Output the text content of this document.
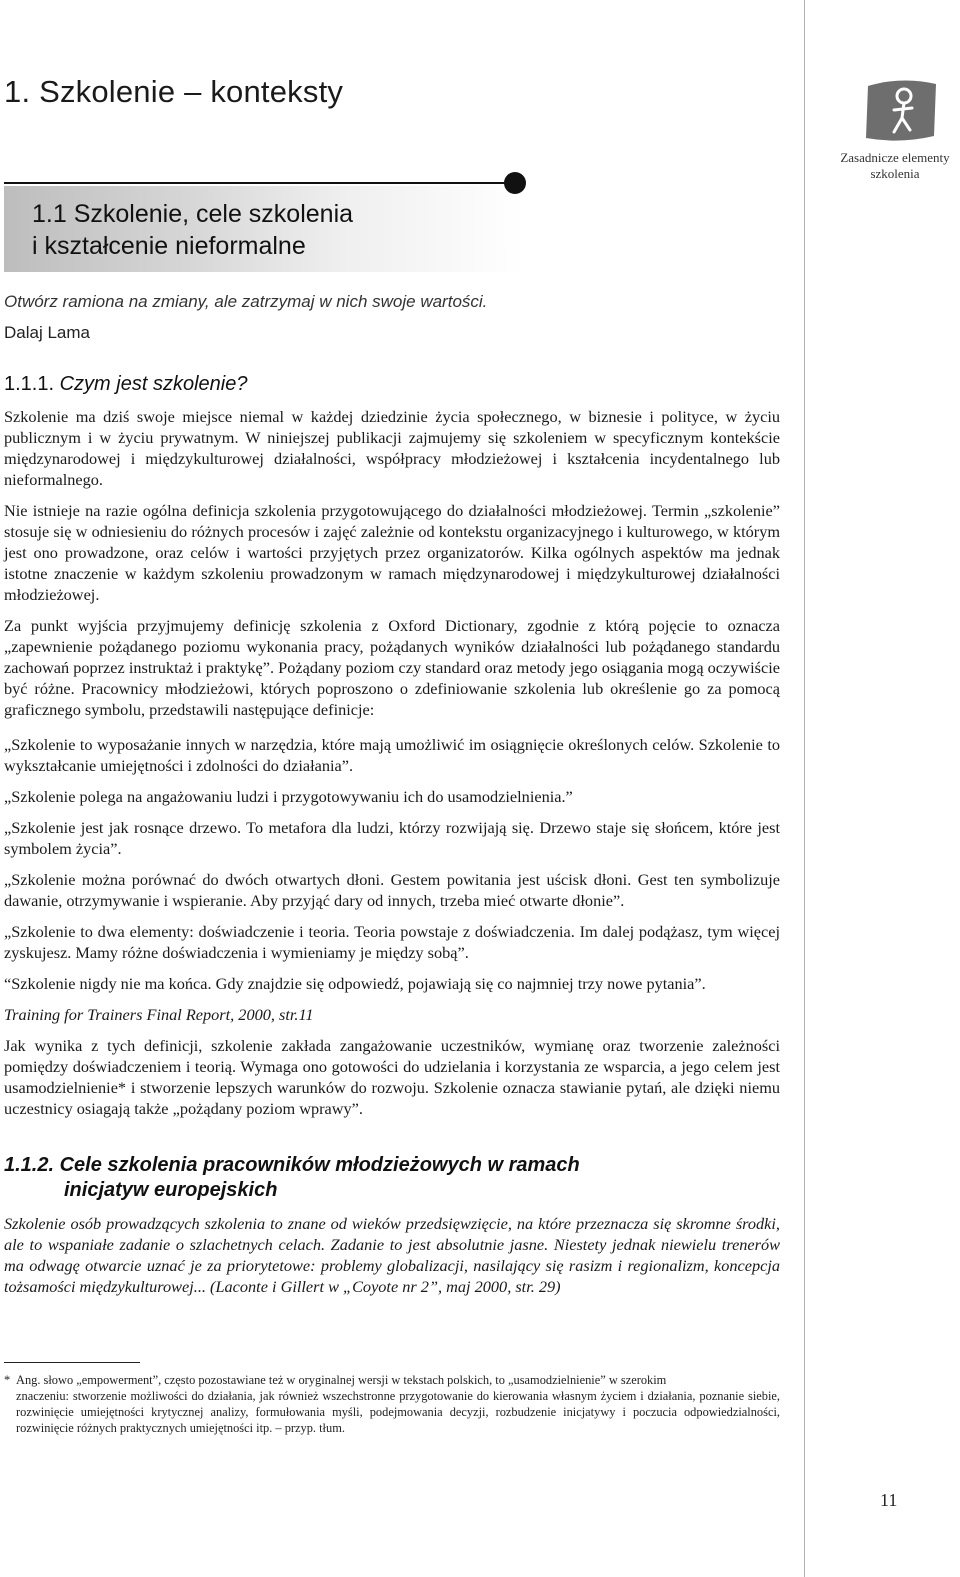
Zasadnicze elementy szkolenia
1. Szkolenie – konteksty
1.1 Szkolenie, cele szkolenia
i kształcenie nieformalne
Otwórz ramiona na zmiany, ale zatrzymaj w nich swoje wartości.
Dalaj Lama
1.1.1. Czym jest szkolenie?

Szkolenie ma dziś swoje miejsce niemal w każdej dziedzinie życia społecznego, w biznesie i polityce, w życiu publicznym i w życiu prywatnym. W niniejszej publikacji zajmujemy się szkoleniem w specyficznym kontekście międzynarodowej i międzykulturowej działalności, współpracy młodzieżowej i kształcenia incydentalnego lub nieformalnego.

Nie istnieje na razie ogólna definicja szkolenia przygotowującego do działalności młodzieżowej. Termin „szkolenie” stosuje się w odniesieniu do różnych procesów i zajęć zależnie od kontekstu organizacyjnego i kulturowego, w którym jest ono prowadzone, oraz celów i wartości przyjętych przez organizatorów. Kilka ogólnych aspektów ma jednak istotne znaczenie w każdym szkoleniu prowadzonym w ramach międzynarodowej i międzykulturowej działalności młodzieżowej.

Za punkt wyjścia przyjmujemy definicję szkolenia z Oxford Dictionary, zgodnie z którą pojęcie to oznacza „zapewnienie pożądanego poziomu wykonania pracy, pożądanych wyników działalności lub pożądanego standardu zachowań poprzez instruktaż i praktykę”. Pożądany poziom czy standard oraz metody jego osiągania mogą oczywiście być różne. Pracownicy młodzieżowi, których poproszono o zdefiniowanie szkolenia lub określenie go za pomocą graficznego symbolu, przedstawili następujące definicje:

„Szkolenie to wyposażanie innych w narzędzia, które mają umożliwić im osiągnięcie określonych celów. Szkolenie to wykształcanie umiejętności i zdolności do działania”.

„Szkolenie polega na angażowaniu ludzi i przygotowywaniu ich do usamodzielnienia.”

„Szkolenie jest jak rosnące drzewo. To metafora dla ludzi, którzy rozwijają się. Drzewo staje się słońcem, które jest symbolem życia”.

„Szkolenie można porównać do dwóch otwartych dłoni. Gestem powitania jest uścisk dłoni. Gest ten symbolizuje dawanie, otrzymywanie i wspieranie. Aby przyjąć dary od innych, trzeba mieć otwarte dłonie”.

„Szkolenie to dwa elementy: doświadczenie i teoria. Teoria powstaje z doświadczenia. Im dalej podążasz, tym więcej zyskujesz. Mamy różne doświadczenia i wymieniamy je między sobą”.

“Szkolenie nigdy nie ma końca. Gdy znajdzie się odpowiedź, pojawiają się co najmniej trzy nowe pytania”.

Training for Trainers Final Report, 2000, str.11

Jak wynika z tych definicji, szkolenie zakłada zangażowanie uczestników, wymianę oraz tworzenie zależności pomiędzy doświadczeniem i teorią. Wymaga ono gotowości do udzielania i korzystania ze wsparcia, a jego celem jest usamodzielnienie* i stworzenie lepszych warunków do rozwoju. Szkolenie oznacza stawianie pytań, ale dzięki niemu uczestnicy osiagają także „pożądany poziom wprawy”.

1.1.2. Cele szkolenia pracowników młodzieżowych w ramach
inicjatyw europejskich

Szkolenie osób prowadzących szkolenia to znane od wieków przedsięwzięcie, na które przeznacza się skromne środki, ale to wspaniałe zadanie o szlachetnych celach. Zadanie to jest absolutnie jasne. Niestety jednak niewielu trenerów ma odwagę otwarcie uznać je za priorytetowe: problemy globalizacji, nasilający się rasizm i regionalizm, koncepcja tożsamości międzykulturowej... (Laconte i Gillert w „Coyote nr 2”, maj 2000, str. 29)

* Ang. słowo „empowerment”, często pozostawiane też w oryginalnej wersji w tekstach polskich, to „usamodzielnienie” w szerokim
znaczeniu: stworzenie możliwości do działania, jak również wszechstronne przygotowanie do kierowania własnym życiem i działania, poznanie siebie, rozwinięcie umiejętności krytycznej analizy, formułowania myśli, podejmowania decyzji, rozbudzenie inicjatywy i poczucia odpowiedzialności, rozwinięcie różnych praktycznych umiejętności itp. – przyp. tłum.
11
